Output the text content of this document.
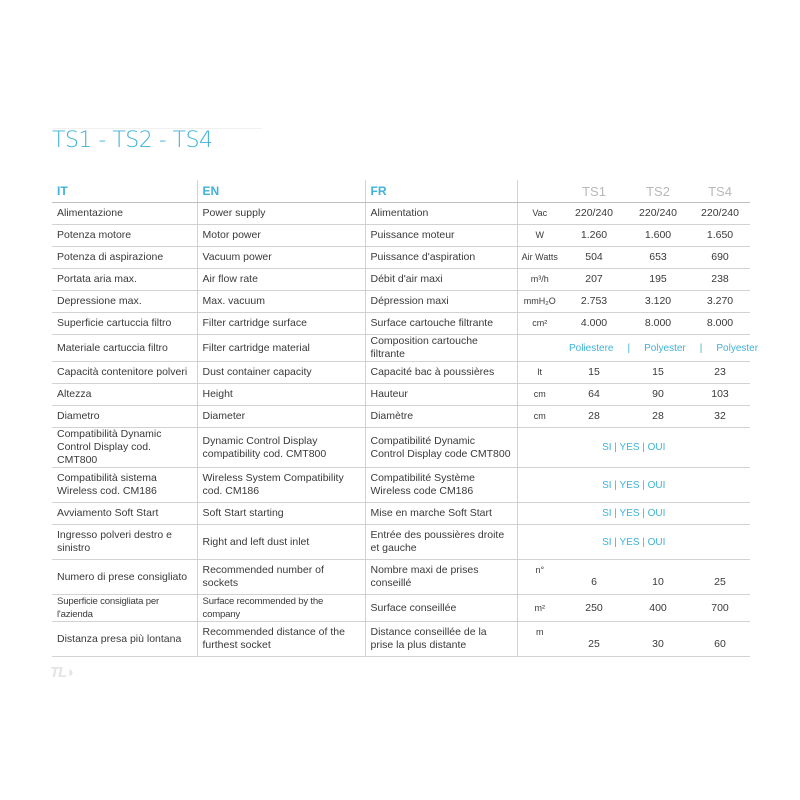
TS1 - TS2 - TS4
IT	EN	FR		TS1	TS2	TS4
Alimentazione	Power supply	Alimentation	Vac	220/240	220/240	220/240
Potenza motore	Motor power	Puissance moteur	W	1.260	1.600	1.650
Potenza di aspirazione	Vacuum power	Puissance d'aspiration	Air Watts	504	653	690
Portata aria max.	Air flow rate	Débit d'air maxi	m³/h	207	195	238
Depressione max.	Max. vacuum	Dépression maxi	mmH₂O	2.753	3.120	3.270
Superficie cartuccia filtro	Filter cartridge surface	Surface cartouche filtrante	cm²	4.000	8.000	8.000
Materiale cartuccia filtro	Filter cartridge material	Composition cartouche filtrante		Poliestere | Polyester | Polyester		
Capacità contenitore polveri	Dust container capacity	Capacité bac à poussières	lt	15	15	23
Altezza	Height	Hauteur	cm	64	90	103
Diametro	Diameter	Diamètre	cm	28	28	32
Compatibilità Dynamic Control Display cod. CMT800	Dynamic Control Display compatibility cod. CMT800	Compatibilité Dynamic Control Display code CMT800	SI | YES | OUI			
Compatibilità sistema Wireless cod. CM186	Wireless System Compatibility cod. CM186	Compatibilité Système Wireless code CM186	SI | YES | OUI			
Avviamento Soft Start	Soft Start starting	Mise en marche Soft Start	SI | YES | OUI			
Ingresso polveri destro e sinistro	Right and left dust inlet	Entrée des poussières droite et gauche	SI | YES | OUI			
Numero di prese consigliato	Recommended number of sockets	Nombre maxi de prises conseillé	n°	6	10	25
Superficie consigliata per l'azienda	Surface recommended by the company	Surface conseillée	m²	250	400	700
Distanza presa più lontana	Recommended distance of the furthest socket	Distance conseillée de la prise la plus distante	m	25	30	60
TL◗
